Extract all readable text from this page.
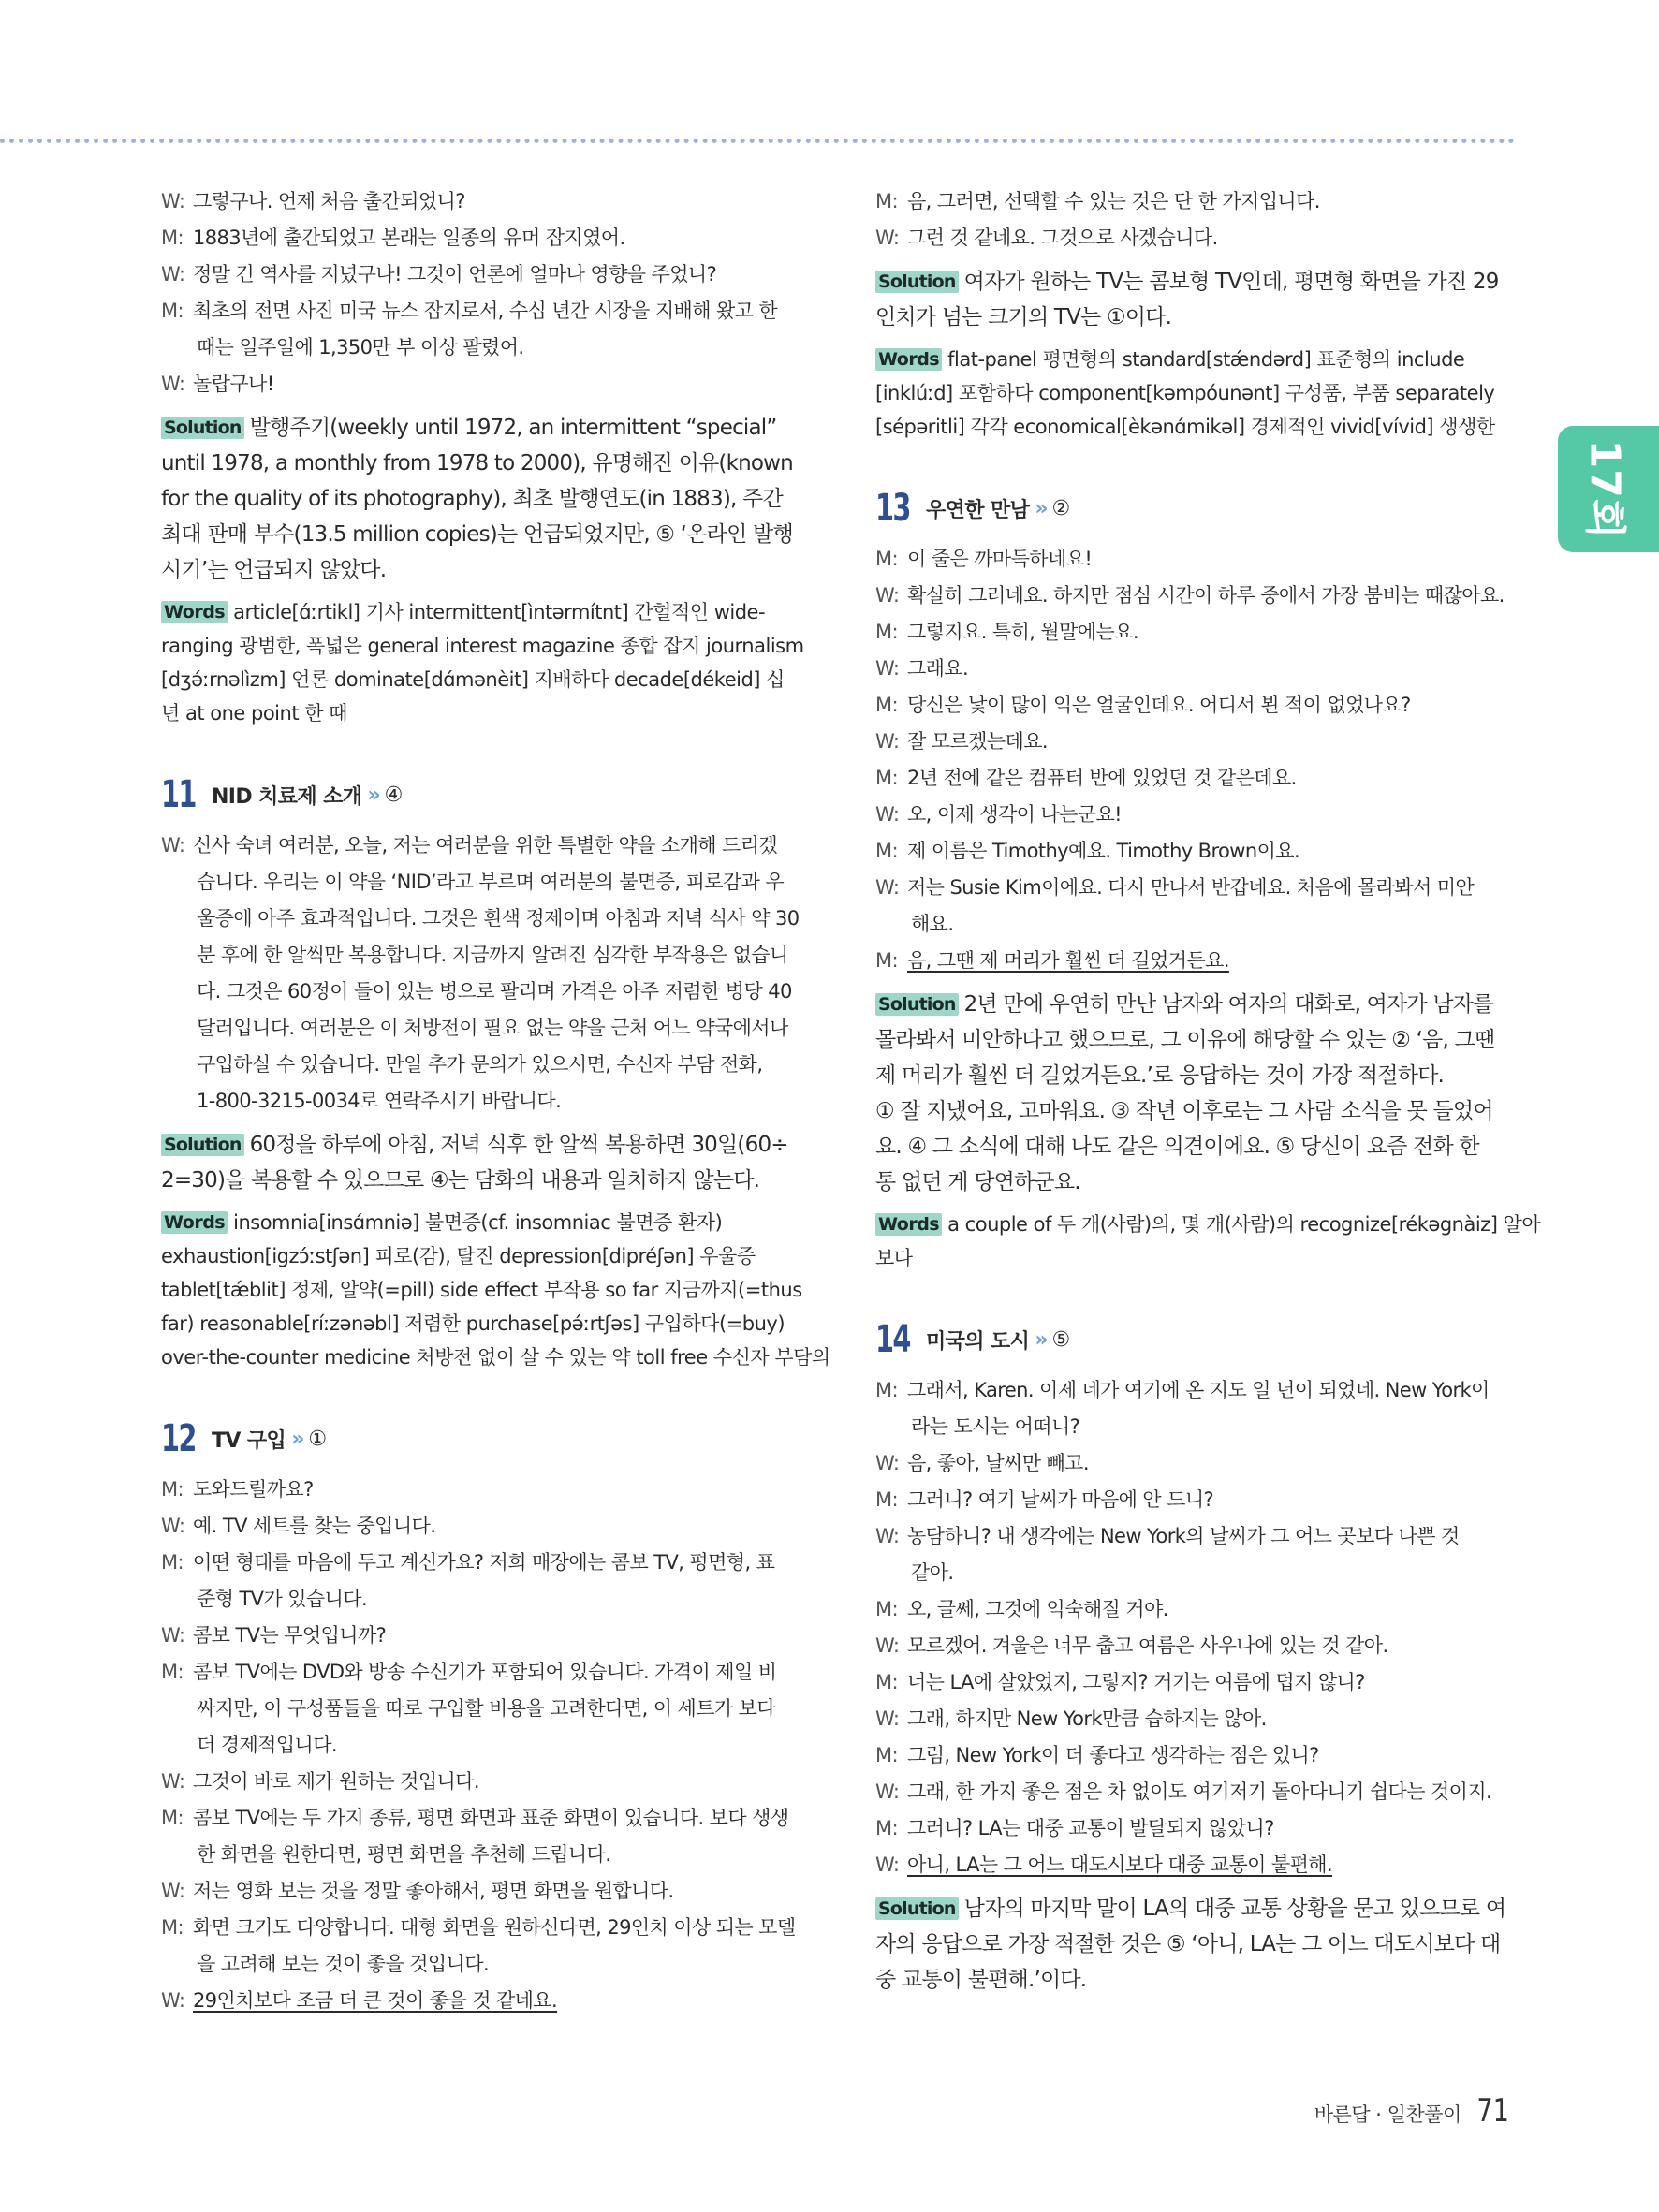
W: 그렇구나. 언제 처음 출간되었니?
M: 1883년에 출간되었고 본래는 일종의 유머 잡지였어.
W: 정말 긴 역사를 지녔구나! 그것이 언론에 얼마나 영향을 주었니?
M: 최초의 전면 사진 미국 뉴스 잡지로서, 수십 년간 시장을 지배해 왔고 한
때는 일주일에 1,350만 부 이상 팔렸어.
W: 놀랍구나!
Solution 발행주기(weekly until 1972, an intermittent “special”
until 1978, a monthly from 1978 to 2000), 유명해진 이유(known
for the quality of its photography), 최초 발행연도(in 1883), 주간
최대 판매 부수(13.5 million copies)는 언급되었지만, ⑤ ‘온라인 발행
시기’는 언급되지 않았다.
Words article[ɑ́ːrtikl] 기사 intermittent[ìntərmítnt] 간헐적인 wide-
ranging 광범한, 폭넓은 general interest magazine 종합 잡지 journalism
[dʒə́ːrnəlìzm] 언론 dominate[dɑ́mənèit] 지배하다 decade[dékeid] 십
년 at one point 한 때
11 NID 치료제 소개 » ④
W: 신사 숙녀 여러분, 오늘, 저는 여러분을 위한 특별한 약을 소개해 드리겠
습니다. 우리는 이 약을 ‘NID’라고 부르며 여러분의 불면증, 피로감과 우
울증에 아주 효과적입니다. 그것은 흰색 정제이며 아침과 저녁 식사 약 30
분 후에 한 알씩만 복용합니다. 지금까지 알려진 심각한 부작용은 없습니
다. 그것은 60정이 들어 있는 병으로 팔리며 가격은 아주 저렴한 병당 40
달러입니다. 여러분은 이 처방전이 필요 없는 약을 근처 어느 약국에서나
구입하실 수 있습니다. 만일 추가 문의가 있으시면, 수신자 부담 전화,
1-800-3215-0034로 연락주시기 바랍니다.
Solution 60정을 하루에 아침, 저녁 식후 한 알씩 복용하면 30일(60÷
2=30)을 복용할 수 있으므로 ④는 담화의 내용과 일치하지 않는다.
Words insomnia[insɑ́mniə] 불면증(cf. insomniac 불면증 환자)
exhaustion[igzɔ́ːstʃən] 피로(감), 탈진 depression[dipréʃən] 우울증
tablet[tǽblit] 정제, 알약(=pill) side effect 부작용 so far 지금까지(=thus
far) reasonable[ríːzənəbl] 저렴한 purchase[pə́ːrtʃəs] 구입하다(=buy)
over-the-counter medicine 처방전 없이 살 수 있는 약 toll free 수신자 부담의
12 TV 구입 » ①
M: 도와드릴까요?
W: 예. TV 세트를 찾는 중입니다.
M: 어떤 형태를 마음에 두고 계신가요? 저희 매장에는 콤보 TV, 평면형, 표
준형 TV가 있습니다.
W: 콤보 TV는 무엇입니까?
M: 콤보 TV에는 DVD와 방송 수신기가 포함되어 있습니다. 가격이 제일 비
싸지만, 이 구성품들을 따로 구입할 비용을 고려한다면, 이 세트가 보다
더 경제적입니다.
W: 그것이 바로 제가 원하는 것입니다.
M: 콤보 TV에는 두 가지 종류, 평면 화면과 표준 화면이 있습니다. 보다 생생
한 화면을 원한다면, 평면 화면을 추천해 드립니다.
W: 저는 영화 보는 것을 정말 좋아해서, 평면 화면을 원합니다.
M: 화면 크기도 다양합니다. 대형 화면을 원하신다면, 29인치 이상 되는 모델
을 고려해 보는 것이 좋을 것입니다.
W: 29인치보다 조금 더 큰 것이 좋을 것 같네요.
M: 음, 그러면, 선택할 수 있는 것은 단 한 가지입니다.
W: 그런 것 같네요. 그것으로 사겠습니다.
Solution 여자가 원하는 TV는 콤보형 TV인데, 평면형 화면을 가진 29
인치가 넘는 크기의 TV는 ①이다.
Words flat-panel 평면형의 standard[stǽndərd] 표준형의 include
[inklúːd] 포함하다 component[kəmpóunənt] 구성품, 부품 separately
[sépəritli] 각각 economical[èkənɑ́mikəl] 경제적인 vivid[vívid] 생생한
13 우연한 만남 » ②
M: 이 줄은 까마득하네요!
W: 확실히 그러네요. 하지만 점심 시간이 하루 중에서 가장 붐비는 때잖아요.
M: 그렇지요. 특히, 월말에는요.
W: 그래요.
M: 당신은 낯이 많이 익은 얼굴인데요. 어디서 뵌 적이 없었나요?
W: 잘 모르겠는데요.
M: 2년 전에 같은 컴퓨터 반에 있었던 것 같은데요.
W: 오, 이제 생각이 나는군요!
M: 제 이름은 Timothy예요. Timothy Brown이요.
W: 저는 Susie Kim이에요. 다시 만나서 반갑네요. 처음에 몰라봐서 미안
해요.
M: 음, 그땐 제 머리가 훨씬 더 길었거든요.
Solution 2년 만에 우연히 만난 남자와 여자의 대화로, 여자가 남자를
몰라봐서 미안하다고 했으므로, 그 이유에 해당할 수 있는 ② ‘음, 그땐
제 머리가 훨씬 더 길었거든요.’로 응답하는 것이 가장 적절하다.
① 잘 지냈어요, 고마워요. ③ 작년 이후로는 그 사람 소식을 못 들었어
요. ④ 그 소식에 대해 나도 같은 의견이에요. ⑤ 당신이 요즘 전화 한
통 없던 게 당연하군요.
Words a couple of 두 개(사람)의, 몇 개(사람)의 recognize[rékəgnàiz] 알아
보다
14 미국의 도시 » ⑤
M: 그래서, Karen. 이제 네가 여기에 온 지도 일 년이 되었네. New York이
라는 도시는 어떠니?
W: 음, 좋아, 날씨만 빼고.
M: 그러니? 여기 날씨가 마음에 안 드니?
W: 농담하니? 내 생각에는 New York의 날씨가 그 어느 곳보다 나쁜 것
같아.
M: 오, 글쎄, 그것에 익숙해질 거야.
W: 모르겠어. 겨울은 너무 춥고 여름은 사우나에 있는 것 같아.
M: 너는 LA에 살았었지, 그렇지? 거기는 여름에 덥지 않니?
W: 그래, 하지만 New York만큼 습하지는 않아.
M: 그럼, New York이 더 좋다고 생각하는 점은 있니?
W: 그래, 한 가지 좋은 점은 차 없이도 여기저기 돌아다니기 쉽다는 것이지.
M: 그러니? LA는 대중 교통이 발달되지 않았니?
W: 아니, LA는 그 어느 대도시보다 대중 교통이 불편해.
Solution 남자의 마지막 말이 LA의 대중 교통 상황을 묻고 있으므로 여
자의 응답으로 가장 적절한 것은 ⑤ ‘아니, LA는 그 어느 대도시보다 대
중 교통이 불편해.’이다.
17회
바른답 · 일찬풀이 71
